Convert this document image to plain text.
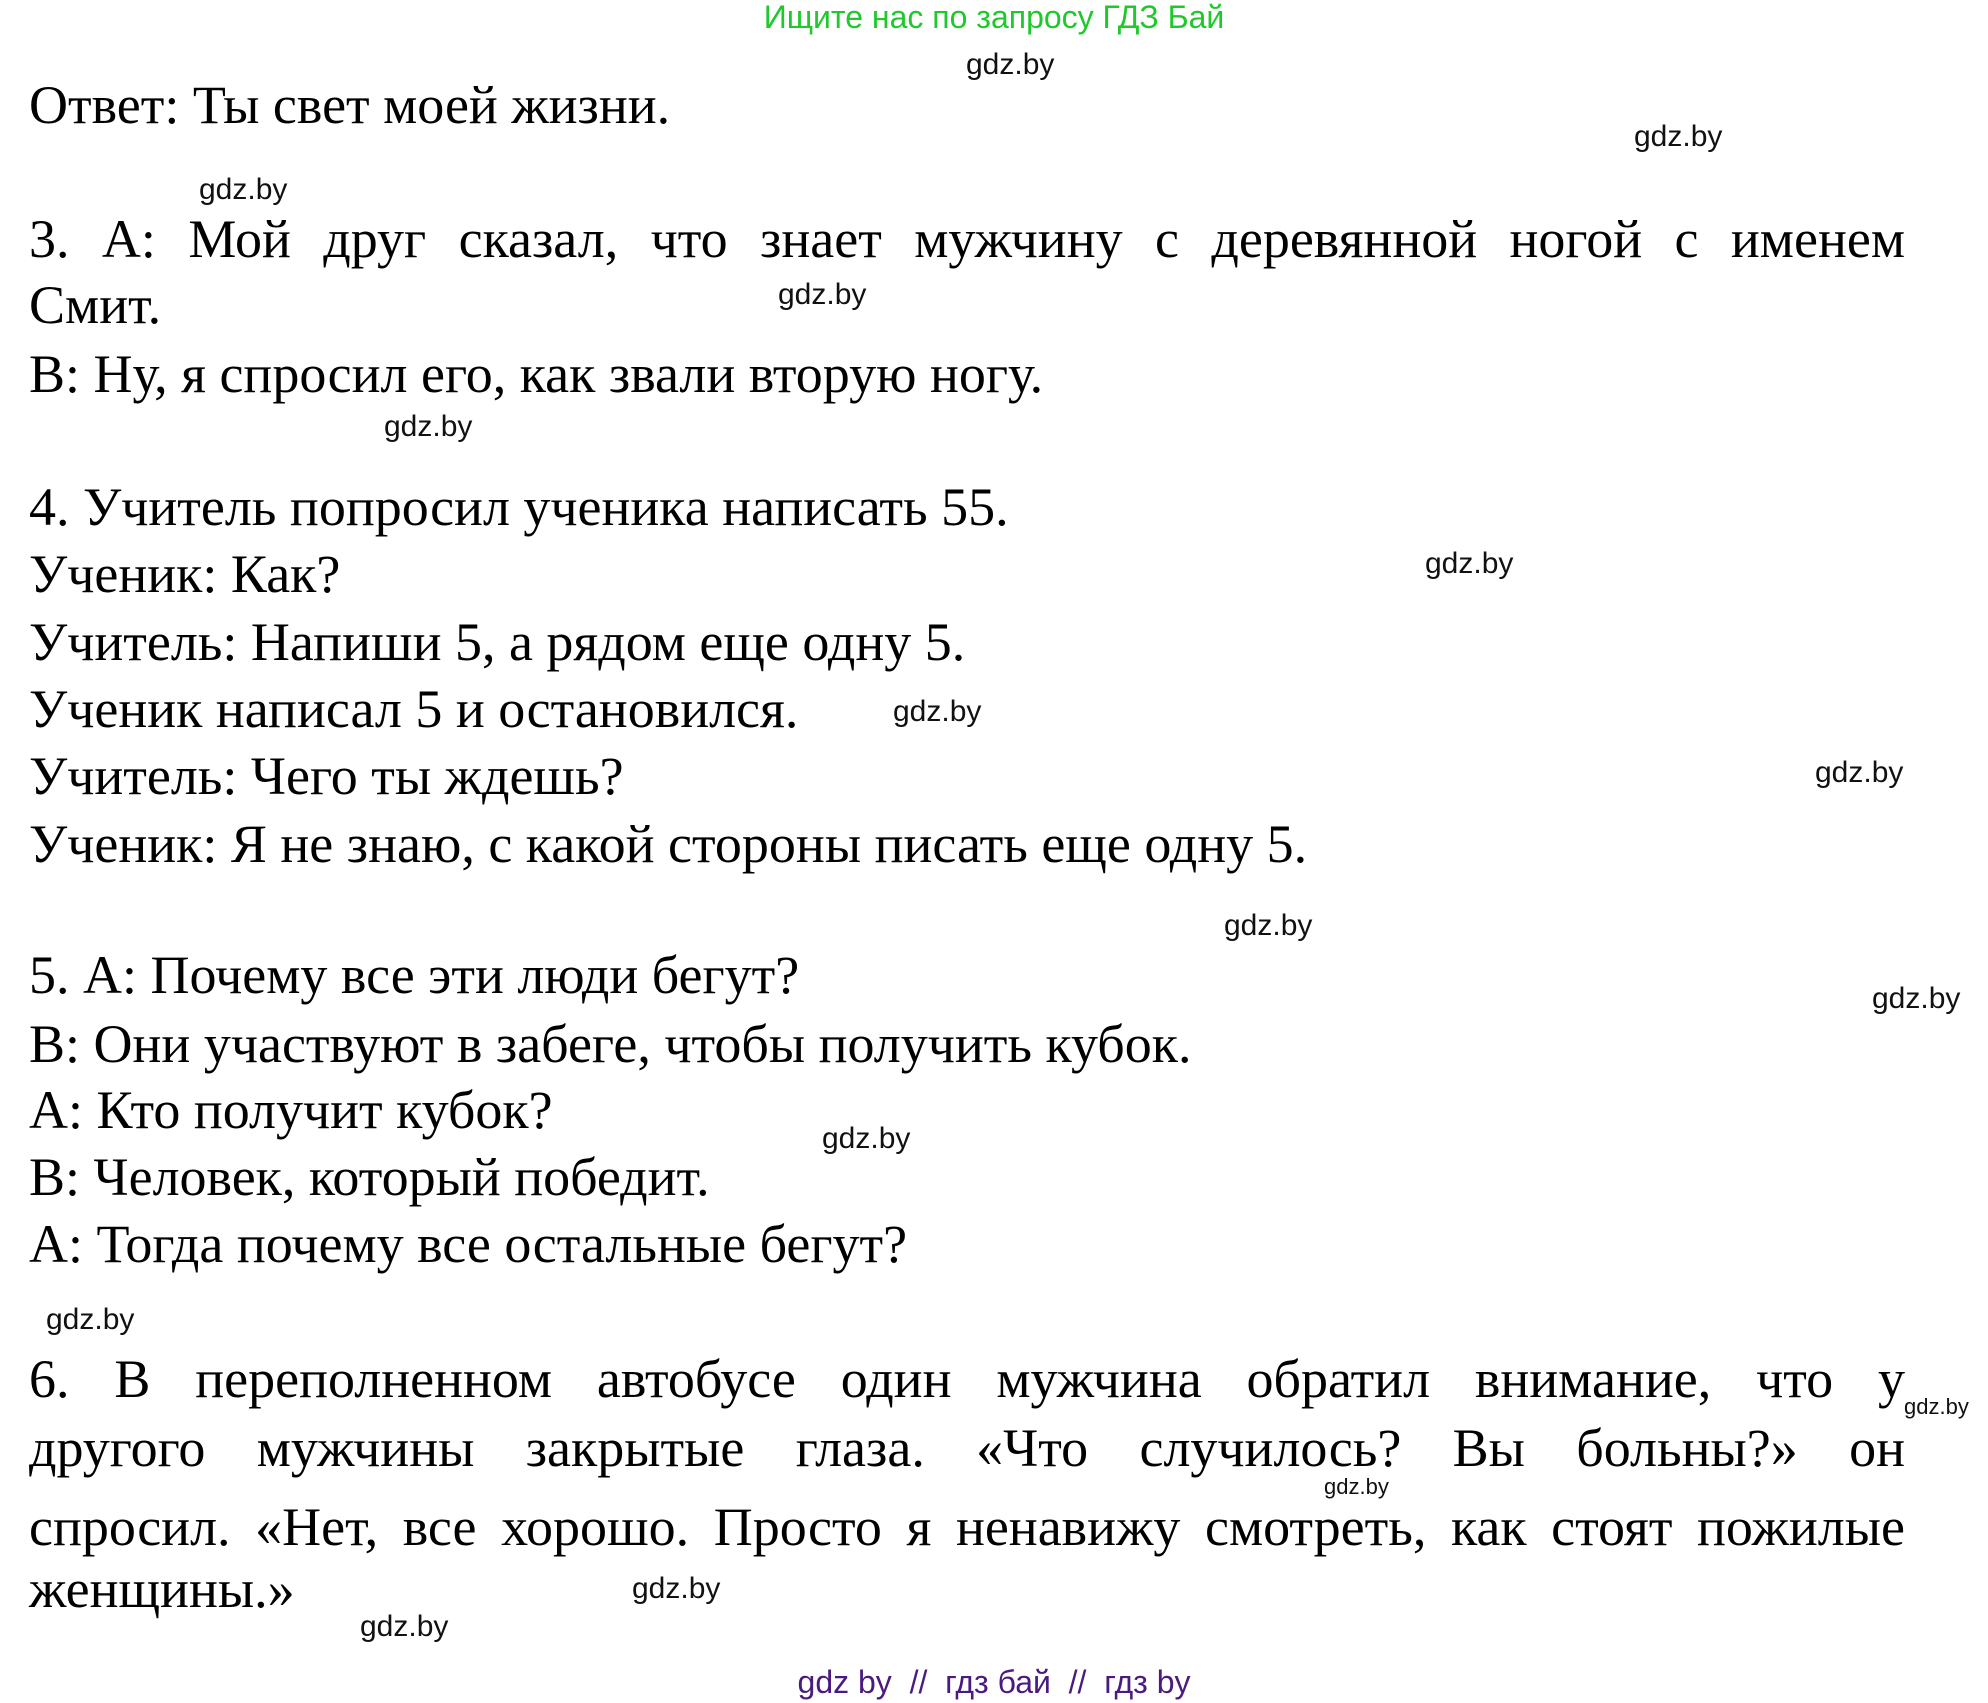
Ищите нас по запросу ГДЗ Бай
Ответ: Ты свет моей жизни.
3. А: Мой друг сказал, что знает мужчину с деревянной ногой с именем
Смит.
В: Ну, я спросил его, как звали вторую ногу.
4. Учитель попросил ученика написать 55.
Ученик: Как?
Учитель: Напиши 5, а рядом еще одну 5.
Ученик написал 5 и остановился.
Учитель: Чего ты ждешь?
Ученик: Я не знаю, с какой стороны писать еще одну 5.
5. А: Почему все эти люди бегут?
В: Они участвуют в забеге, чтобы получить кубок.
А: Кто получит кубок?
В: Человек, который победит.
А: Тогда почему все остальные бегут?
6. В переполненном автобусе один мужчина обратил внимание, что у
другого мужчины закрытые глаза. «Что случилось? Вы больны?» он
спросил. «Нет, все хорошо. Просто я ненавижу смотреть, как стоят пожилые
женщины.»
gdz.by
gdz.by
gdz.by
gdz.by
gdz.by
gdz.by
gdz.by
gdz.by
gdz.by
gdz.by
gdz.by
gdz.by
gdz.by
gdz.by
gdz.by
gdz.by
gdz by  //  гдз бай  //  гдз by
